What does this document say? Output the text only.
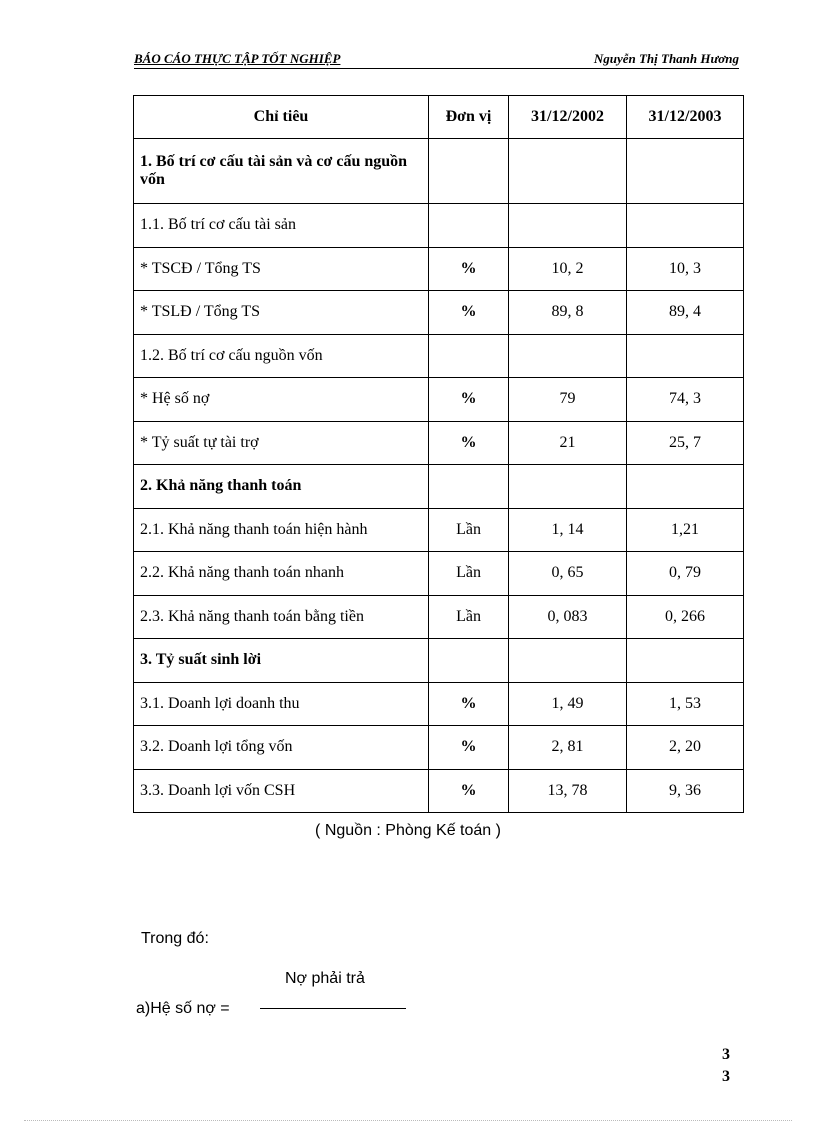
BÁO CÁO THỰC TẬP TỐT NGHIỆP	Nguyễn Thị Thanh Hương
Chỉ tiêu	Đơn vị	31/12/2002	31/12/2003
1. Bố trí cơ cấu tài sản và cơ cấu nguồn vốn			
1.1. Bố trí cơ cấu tài sản			
* TSCĐ / Tổng TS	%	10, 2	10, 3
* TSLĐ / Tổng TS	%	89, 8	89, 4
1.2. Bố trí cơ cấu nguồn vốn			
* Hệ số nợ	%	79	74, 3
* Tỷ suất tự tài trợ	%	21	25, 7
2. Khả năng thanh toán			
2.1. Khả năng thanh toán hiện hành	Lần	1, 14	1,21
2.2. Khả năng thanh toán nhanh	Lần	0, 65	0, 79
2.3. Khả năng thanh toán bằng tiền	Lần	0, 083	0, 266
3. Tỷ suất sinh lời			
3.1. Doanh lợi doanh thu	%	1, 49	1, 53
3.2. Doanh lợi tổng vốn	%	2, 81	2, 20
3.3. Doanh lợi vốn CSH	%	13, 78	9, 36
( Nguồn : Phòng Kế toán )
Trong đó:
Nợ phải trả
a)Hệ số nợ =
3
3
